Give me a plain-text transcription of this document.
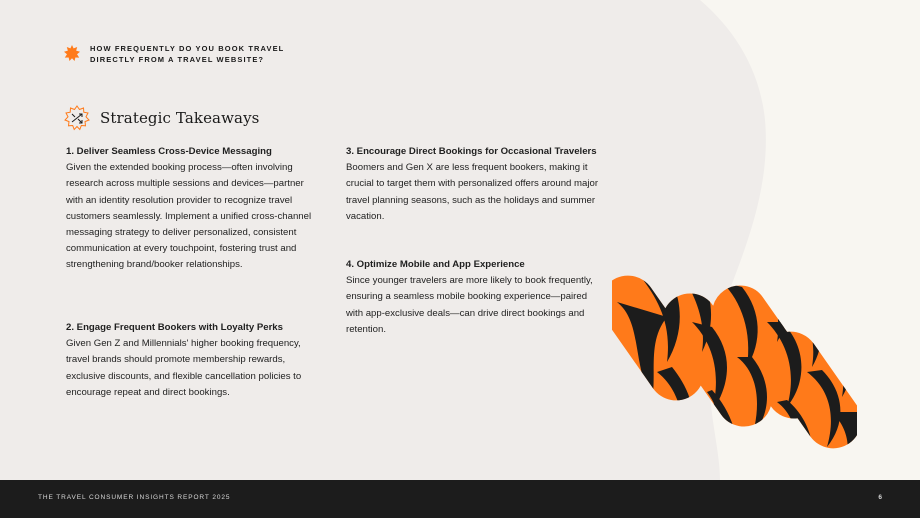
HOW FREQUENTLY DO YOU BOOK TRAVEL DIRECTLY FROM A TRAVEL WEBSITE?
Strategic Takeaways
1. Deliver Seamless Cross-Device Messaging
Given the extended booking process—often involving research across multiple sessions and devices—partner with an identity resolution provider to recognize travel customers seamlessly. Implement a unified cross-channel messaging strategy to deliver personalized, consistent communication at every touchpoint, fostering trust and strengthening brand/booker relationships.
2. Engage Frequent Bookers with Loyalty Perks
Given Gen Z and Millennials' higher booking frequency, travel brands should promote membership rewards, exclusive discounts, and flexible cancellation policies to encourage repeat and direct bookings.
3. Encourage Direct Bookings for Occasional Travelers
Boomers and Gen X are less frequent bookers, making it crucial to target them with personalized offers around major travel planning seasons, such as the holidays and summer vacation.
4. Optimize Mobile and App Experience
Since younger travelers are more likely to book frequently, ensuring a seamless mobile booking experience—paired with app-exclusive deals—can drive direct bookings and retention.
THE TRAVEL CONSUMER INSIGHTS REPORT 2025	6
